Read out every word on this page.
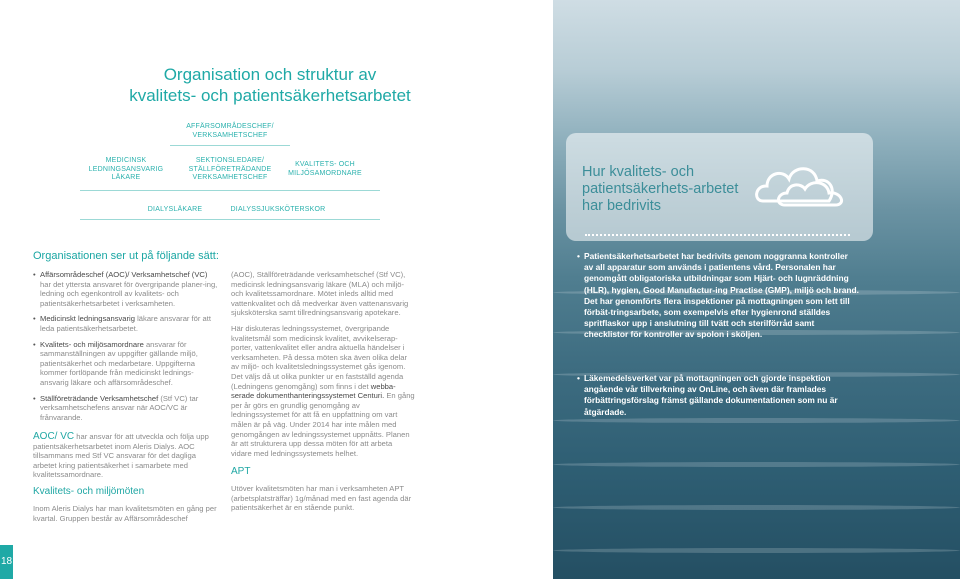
Organisation och struktur av
kvalitets- och patientsäkerhetsarbetet
AFFÄRSOMRÅDESCHEF/
VERKSAMHETSCHEF
MEDICINSK
LEDNINGSANSVARIG
LÄKARE
SEKTIONSLEDARE/
STÄLLFÖRETRÄDANDE
VERKSAMHETSCHEF
KVALITETS- OCH
MILJÖSAMORDNARE
DIALYSLÄKARE	DIALYSSJUKSKÖTERSKOR
Organisationen ser ut på följande sätt:

• Affärsområdeschef (AOC)/ Verksamhetschef (VC) har det yttersta ansvaret för övergripande planer-ing, ledning och egenkontroll av kvalitets- och patientsäkerhetsarbetet i verksamheten.

• Medicinskt ledningsansvarig läkare ansvarar för att leda patientsäkerhetsarbetet.

• Kvalitets- och miljösamordnare ansvarar för sammanställningen av uppgifter gällande miljö, patientsäkerhet och medarbetare. Uppgifterna kommer fortlöpande från medicinskt lednings-ansvarig läkare och affärsområdeschef.

• Ställföreträdande Verksamhetschef (Stf VC) tar verksamhetschefens ansvar när AOC/VC är frånvarande.

AOC/ VC har ansvar för att utveckla och följa upp patientsäkerhetsarbetet inom Aleris Dialys. AOC tillsammans med Stf VC ansvarar för det dagliga arbetet kring patientsäkerhet i samarbete med kvalitetssamordnare.

Kvalitets- och miljömöten

Inom Aleris Dialys har man kvalitetsmöten en gång per kvartal. Gruppen består av Affärsområdeschef

(AOC), Ställföreträdande verksamhetschef (Stf VC), medicinsk ledningsansvarig läkare (MLA) och miljö- och kvalitetssamordnare. Mötet inleds alltid med vattenkvalitet och då medverkar även vattenansvarig sjuksköterska samt tillredningsansvarig apotekare.

Här diskuteras ledningssystemet, övergripande kvalitetsmål som medicinsk kvalitet, avvikelserap-porter, vattenkvalitet eller andra aktuella händelser i verksamheten. På dessa möten ska även olika delar av miljö- och kvalitetsledningssystemet gås igenom. Det väljs då ut olika punkter ur en fastställd agenda (Ledningens genomgång) som finns i det webba-serade dokumenthanteringssystemet Centuri. En gång per år görs en grundlig genomgång av ledningssystemet för att få en uppfattning om vart målen är på väg. Under 2014 har inte målen med genomgången av ledningssystemet uppnåtts. Planen är att strukturera upp dessa möten för att arbeta vidare med ledningssystemets helhet.

APT

Utöver kvalitetsmöten har man i verksamheten APT (arbetsplatsträffar) 1g/månad med en fast agenda där patientsäkerhet är en stående punkt.

Hur kvalitets- och patientsäkerhets-arbetet har bedrivits
• Patientsäkerhetsarbetet har bedrivits genom noggranna kontroller av all apparatur som används i patientens vård. Personalen har genomgått obligatoriska utbildningar som Hjärt- och lugnräddning (HLR), hygien, Good Manufactur-ing Practise (GMP), miljö och brand. Det har genomförts flera inspektioner på mottagningen som lett till förbät-tringsarbete, som exempelvis efter hygienrond ställdes spritflaskor upp i anslutning till tvätt och sterilförråd samt checklistor för kontroller av spolon i sköljen.
• Läkemedelsverket var på mottagningen och gjorde inspektion angående vår tillverkning av OnLine, och även där framlades förbättringsförslag främst gällande dokumentationen som nu är åtgärdade.
18
